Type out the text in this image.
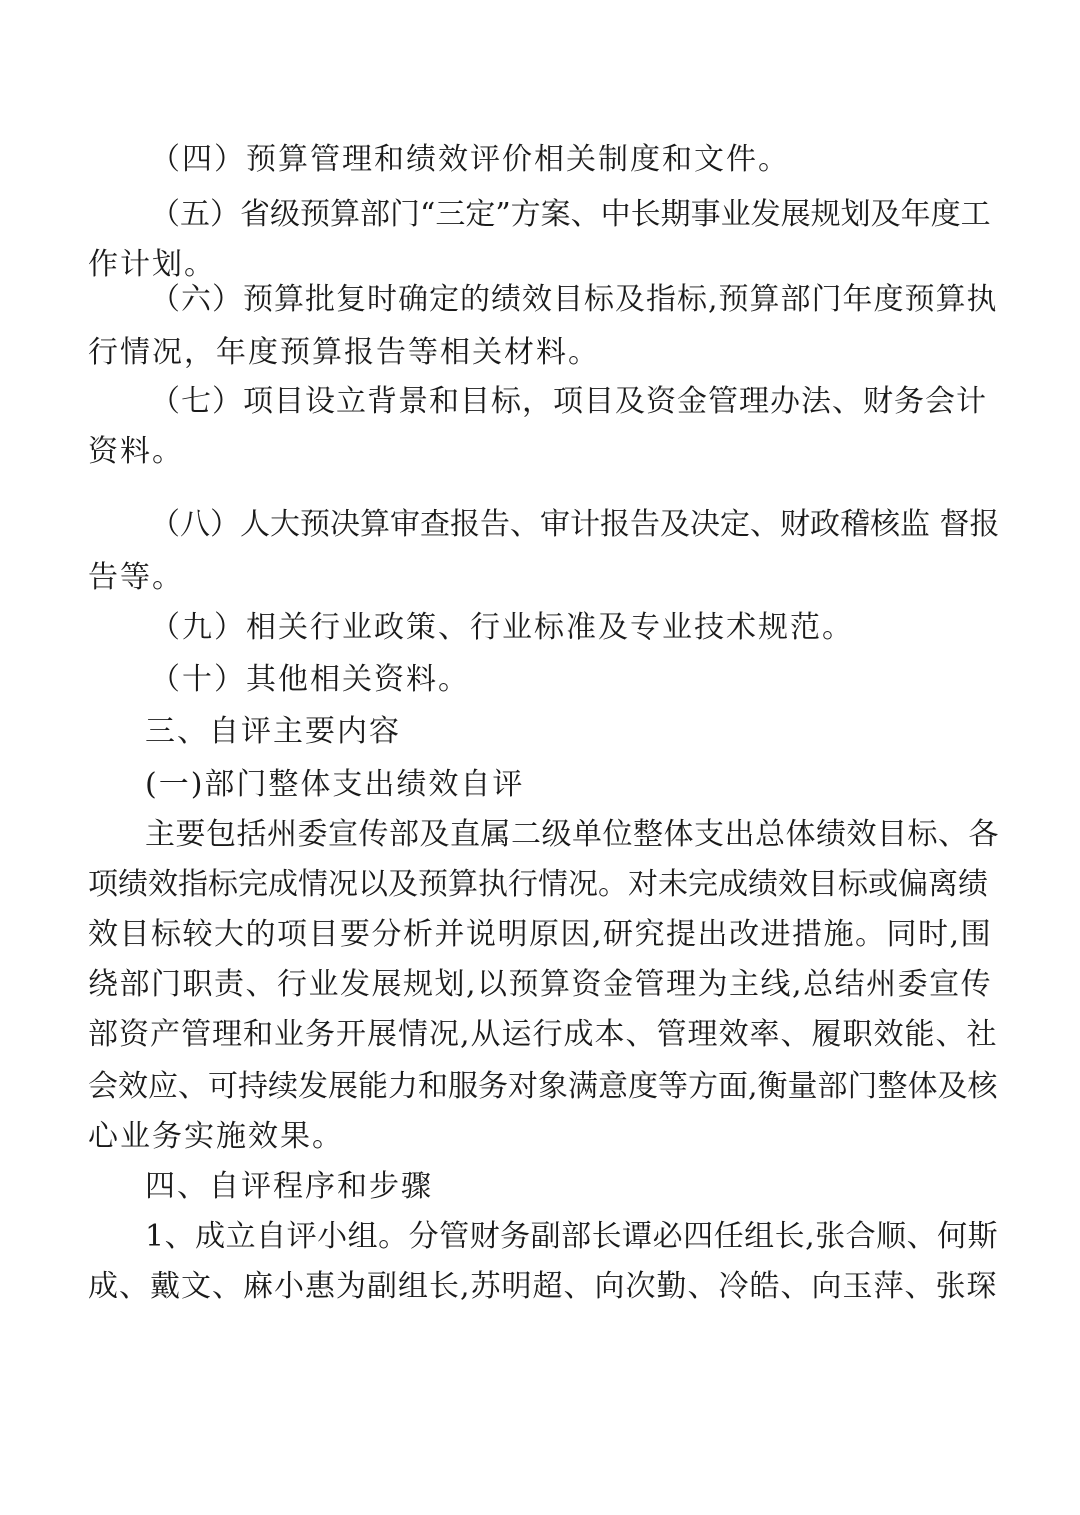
（四）预算管理和绩效评价相关制度和文件。
（五）省级预算部门“三定”方案、中长期事业发展规划及年度工
作计划。
（六）预算批复时确定的绩效目标及指标,预算部门年度预算执
行情况，年度预算报告等相关材料。
（七）项目设立背景和目标，项目及资金管理办法、财务会计
资料。
（八）人大预决算审查报告、审计报告及决定、财政稽核监 督报
告等。
（九）相关行业政策、行业标准及专业技术规范。
（十）其他相关资料。
三、自评主要内容
(一)部门整体支出绩效自评
主要包括州委宣传部及直属二级单位整体支出总体绩效目标、各
项绩效指标完成情况以及预算执行情况。对未完成绩效目标或偏离绩
效目标较大的项目要分析并说明原因,研究提出改进措施。同时,围
绕部门职责、行业发展规划,以预算资金管理为主线,总结州委宣传
部资产管理和业务开展情况,从运行成本、管理效率、履职效能、社
会效应、可持续发展能力和服务对象满意度等方面,衡量部门整体及核
心业务实施效果。
四、自评程序和步骤
1、成立自评小组。分管财务副部长谭必四任组长,张合顺、何斯
成、戴文、麻小惠为副组长,苏明超、向次勤、冷皓、向玉萍、张琛
